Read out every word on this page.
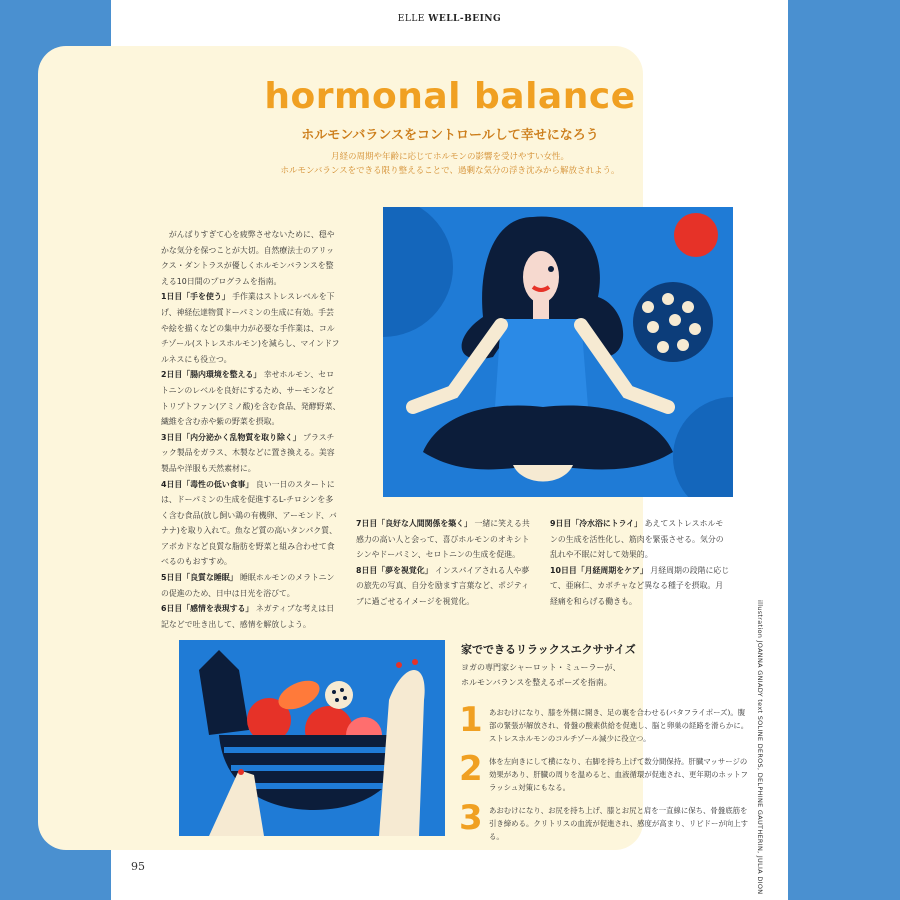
ELLE WELL-BEING
95
hormonal balance
ホルモンバランスをコントロールして幸せになろう
月経の周期や年齢に応じてホルモンの影響を受けやすい女性。
ホルモンバランスをできる限り整えることで、過剰な気分の浮き沈みから解放されよう。

がんばりすぎて心を疲弊させないために、穏やかな気分を保つことが大切。自然療法士のアリックス・ダントラスが優しくホルモンバランスを整える10日間のプログラムを指南。

1日目「手を使う」 手作業はストレスレベルを下げ、神経伝達物質ドーパミンの生成に有効。手芸や絵を描くなどの集中力が必要な手作業は、コルチゾール(ストレスホルモン)を減らし、マインドフルネスにも役立つ。

2日目「腸内環境を整える」 幸せホルモン、セロトニンのレベルを良好にするため、サーモンなどトリプトファン(アミノ酸)を含む食品、発酵野菜、繊維を含む赤や紫の野菜を摂取。

3日目「内分泌かく乱物質を取り除く」 プラスチック製品をガラス、木製などに置き換える。美容製品や洋服も天然素材に。

4日目「毒性の低い食事」 良い一日のスタートには、ドーパミンの生成を促進するL-チロシンを多く含む食品(放し飼い鶏の有機卵、アーモンド、バナナ)を取り入れて。魚など質の高いタンパク質、アボカドなど良質な脂肪を野菜と組み合わせて食べるのもおすすめ。

5日目「良質な睡眠」 睡眠ホルモンのメラトニンの促進のため、日中は日光を浴びて。

6日目「感情を表現する」 ネガティブな考えは日記などで吐き出して、感情を解放しよう。

7日目「良好な人間関係を築く」 一緒に笑える共感力の高い人と会って、喜びホルモンのオキシトシンやドーパミン、セロトニンの生成を促進。

8日目「夢を視覚化」 インスパイアされる人や夢の旅先の写真、自分を励ます言葉など、ポジティブに過ごせるイメージを視覚化。

9日目「冷水浴にトライ」 あえてストレスホルモンの生成を活性化し、筋肉を緊張させる。気分の乱れや不眠に対して効果的。

10日目「月経周期をケア」 月経周期の段階に応じて、亜麻仁、カボチャなど異なる種子を摂取。月経痛を和らげる働きも。

家でできるリラックスエクササイズ
ヨガの専門家シャーロット・ミューラーが、
ホルモンバランスを整えるポーズを指南。
1 あおむけになり、膝を外側に開き、足の裏を合わせる(バタフライポーズ)。腹部の緊張が解放され、骨盤の酸素供給を促進し、脳と卵巣の経路を滑らかに。ストレスホルモンのコルチゾール減少に役立つ。
2 体を左向きにして横になり、右脚を持ち上げて数分間保持。肝臓マッサージの効果があり、肝臓の周りを温めると、血液循環が促進され、更年期のホットフラッシュ対策にもなる。
3 あおむけになり、お尻を持ち上げ、膝とお尻と肩を一直線に保ち、骨盤底筋を引き締める。クリトリスの血流が促進され、感度が高まり、リビドーが向上する。	illustration JOANNA GNIADY text SOLINE DEROS, DELPHINE GAUTHERIN, JULIA DION
